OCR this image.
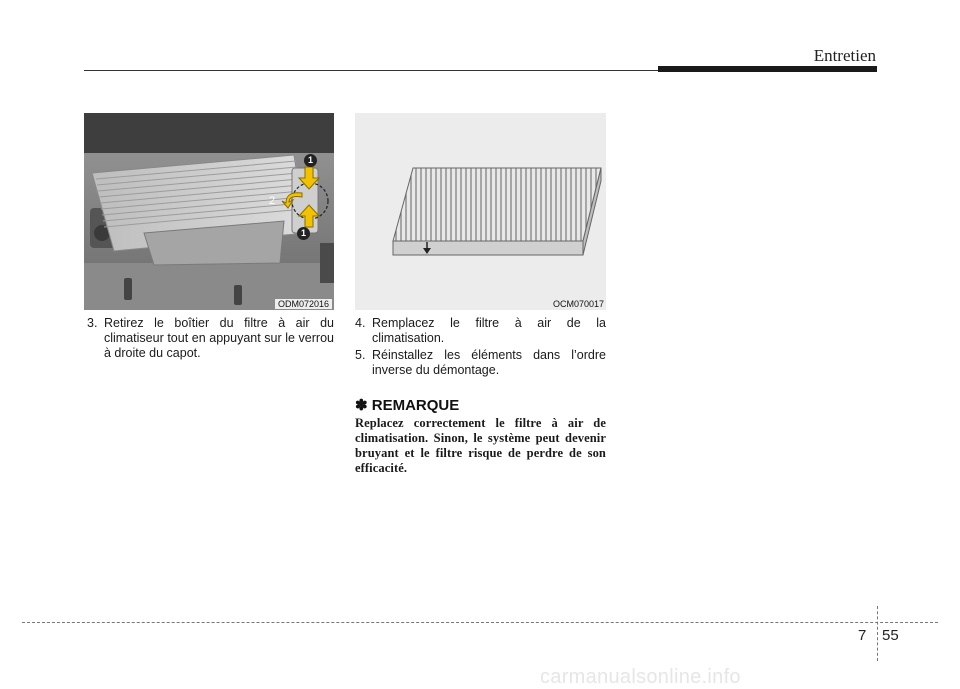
Entretien
1
2
1
ODM072016	OCM070017
3. Retirez le boîtier du filtre à air du climatiseur tout en appuyant sur le verrou à droite du capot.
4. Remplacez le filtre à air de la climatisation.
5. Réinstallez les éléments dans l’ordre inverse du démontage.
✽ REMARQUE
Replacez correctement le filtre à air de climatisation. Sinon, le système peut devenir bruyant et le filtre risque de perdre de son efficacité.
7 55
carmanualsonline.info
